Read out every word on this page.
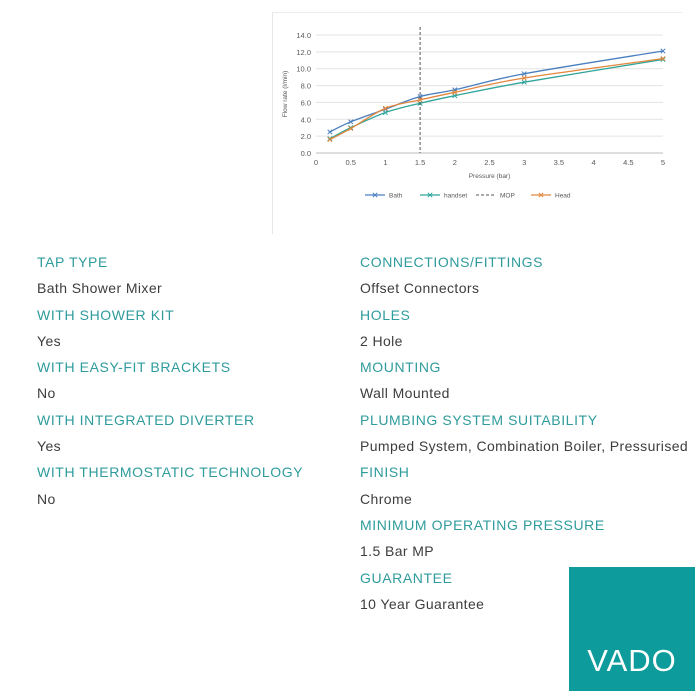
0.0
2.0
4.0
6.0
8.0
10.0
12.0
14.0
0	0.5	1	1.5	2	2.5	3	3.5	4	4.5	5
Pressure (bar)
Flow rate (l/min)
Bath	handset	MOP	Head
TAP TYPE
Bath Shower Mixer
WITH SHOWER KIT
Yes
WITH EASY-FIT BRACKETS
No
WITH INTEGRATED DIVERTER
Yes
WITH THERMOSTATIC TECHNOLOGY
No
CONNECTIONS/FITTINGS
Offset Connectors
HOLES
2 Hole
MOUNTING
Wall Mounted
PLUMBING SYSTEM SUITABILITY
Pumped System, Combination Boiler, Pressurised
FINISH
Chrome
MINIMUM OPERATING PRESSURE
1.5 Bar MP
GUARANTEE
10 Year Guarantee
VADO
